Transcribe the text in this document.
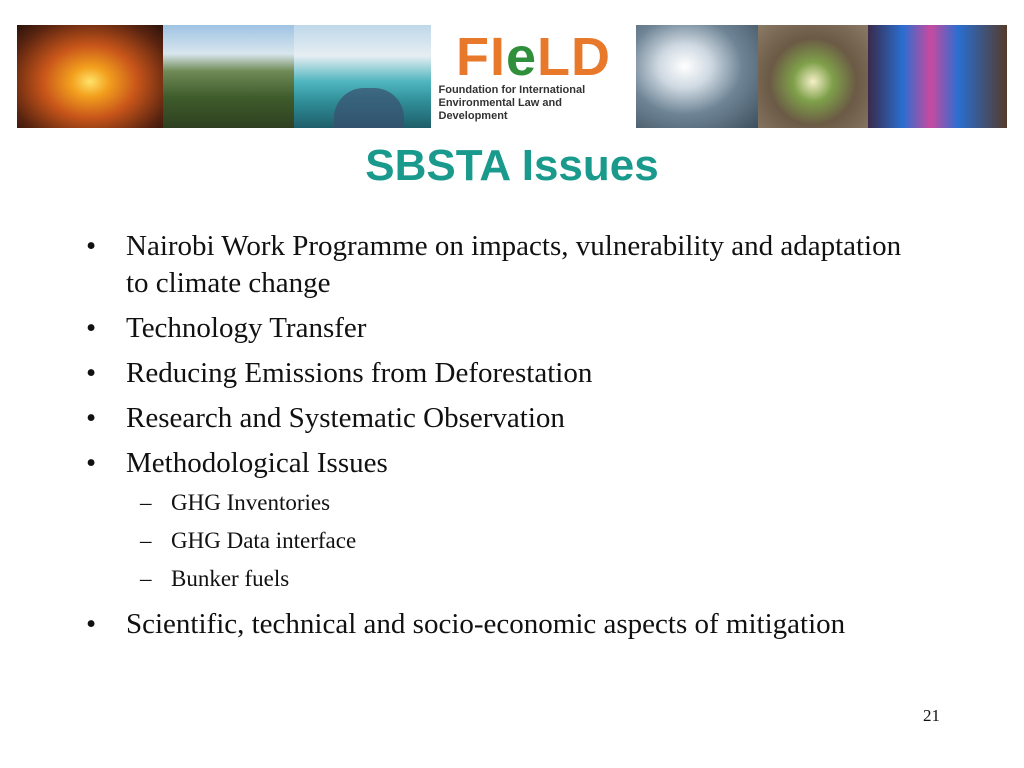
FIeLD
Foundation for International
Environmental Law and Development
SBSTA Issues
• Nairobi Work Programme on impacts, vulnerability and adaptation to climate change
• Technology Transfer
• Reducing Emissions from Deforestation
• Research and Systematic Observation
• Methodological Issues
– GHG Inventories
– GHG Data interface
– Bunker fuels
• Scientific, technical and socio-economic aspects of mitigation
21
